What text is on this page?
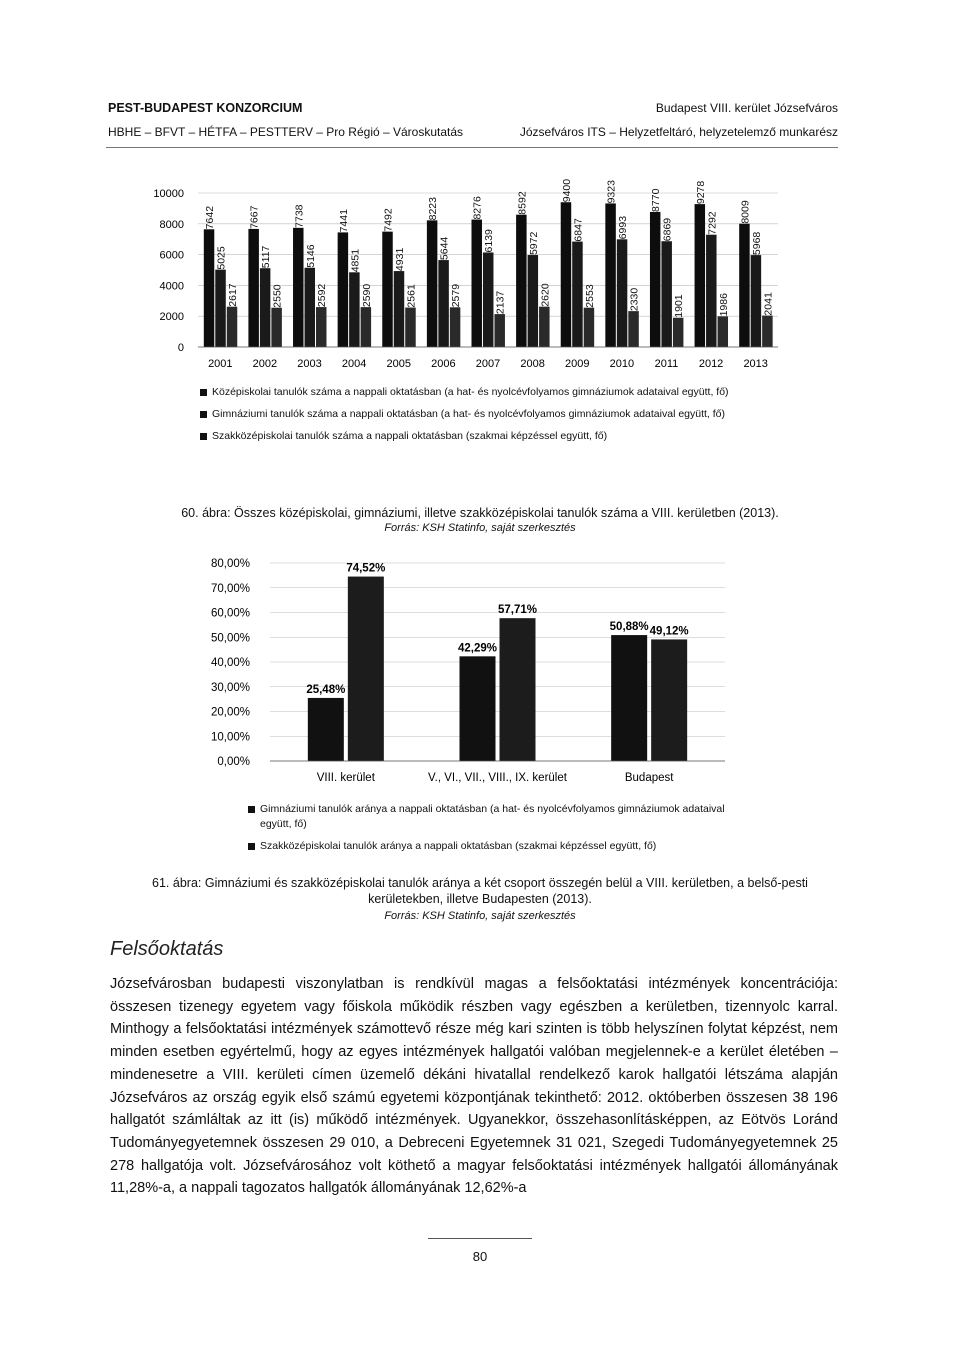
PEST-BUDAPEST KONZORCIUM	Budapest VIII. kerület Józsefváros
HBHE – BFVT – HÉTFA – PESTTERV – Pro Régió – Városkutatás	Józsefváros ITS – Helyzetfeltáró, helyzetelemző munkarész
0
2000
4000
6000
8000
10000
7642
5025
2617
2001
7667
5117
2550
2002
7738
5146
2592
2003
7441
4851
2590
2004
7492
4931
2561
2005
8223
5644
2579
2006
8276
6139
2137
2007
8592
5972
2620
2008
9400
6847
2553
2009
9323
6993
2330
2010
8770
6869
1901
2011
9278
7292
1986
2012
8009
5968
2041
2013
Középiskolai tanulók száma a nappali oktatásban (a hat- és nyolcévfolyamos gimnáziumok adataival együtt, fő)
Gimnáziumi tanulók száma a nappali oktatásban (a hat- és nyolcévfolyamos gimnáziumok adataival együtt, fő)
Szakközépiskolai tanulók száma a nappali oktatásban (szakmai képzéssel együtt, fő)
60. ábra: Összes középiskolai, gimnáziumi, illetve szakközépiskolai tanulók száma a VIII. kerületben (2013).
Forrás: KSH Statinfo, saját szerkesztés
0,00%
10,00%
20,00%
30,00%
40,00%
50,00%
60,00%
70,00%
80,00%
25,48%
74,52%
VIII. kerület
42,29%
57,71%
V., VI., VII., VIII., IX. kerület
50,88% 49,12%
Budapest
Gimnáziumi tanulók aránya a nappali oktatásban (a hat- és nyolcévfolyamos gimnáziumok adataival együtt, fő)
Szakközépiskolai tanulók aránya a nappali oktatásban (szakmai képzéssel együtt, fő)
61. ábra: Gimnáziumi és szakközépiskolai tanulók aránya a két csoport összegén belül a VIII. kerületben, a belső-pesti
kerületekben, illetve Budapesten (2013).
Forrás: KSH Statinfo, saját szerkesztés
Felsőoktatás
Józsefvárosban budapesti viszonylatban is rendkívül magas a felsőoktatási intézmények koncentrációja: összesen tizenegy egyetem vagy főiskola működik részben vagy egészben a kerületben, tizennyolc karral. Minthogy a felsőoktatási intézmények számottevő része még kari szinten is több helyszínen folytat képzést, nem minden esetben egyértelmű, hogy az egyes intézmények hallgatói valóban megjelennek-e a kerület életében – mindenesetre a VIII. kerületi címen üzemelő dékáni hivatallal rendelkező karok hallgatói létszáma alapján Józsefváros az ország egyik első számú egyetemi központjának tekinthető: 2012. októberben összesen 38 196 hallgatót számláltak az itt (is) működő intézmények. Ugyanekkor, összehasonlításképpen, az Eötvös Loránd Tudományegyetemnek összesen 29 010, a Debreceni Egyetemnek 31 021, Szegedi Tudományegyetemnek 25 278 hallgatója volt. Józsefvárosához volt köthető a magyar felsőoktatási intézmények hallgatói állományának 11,28%-a, a nappali tagozatos hallgatók állományának 12,62%-a
80
